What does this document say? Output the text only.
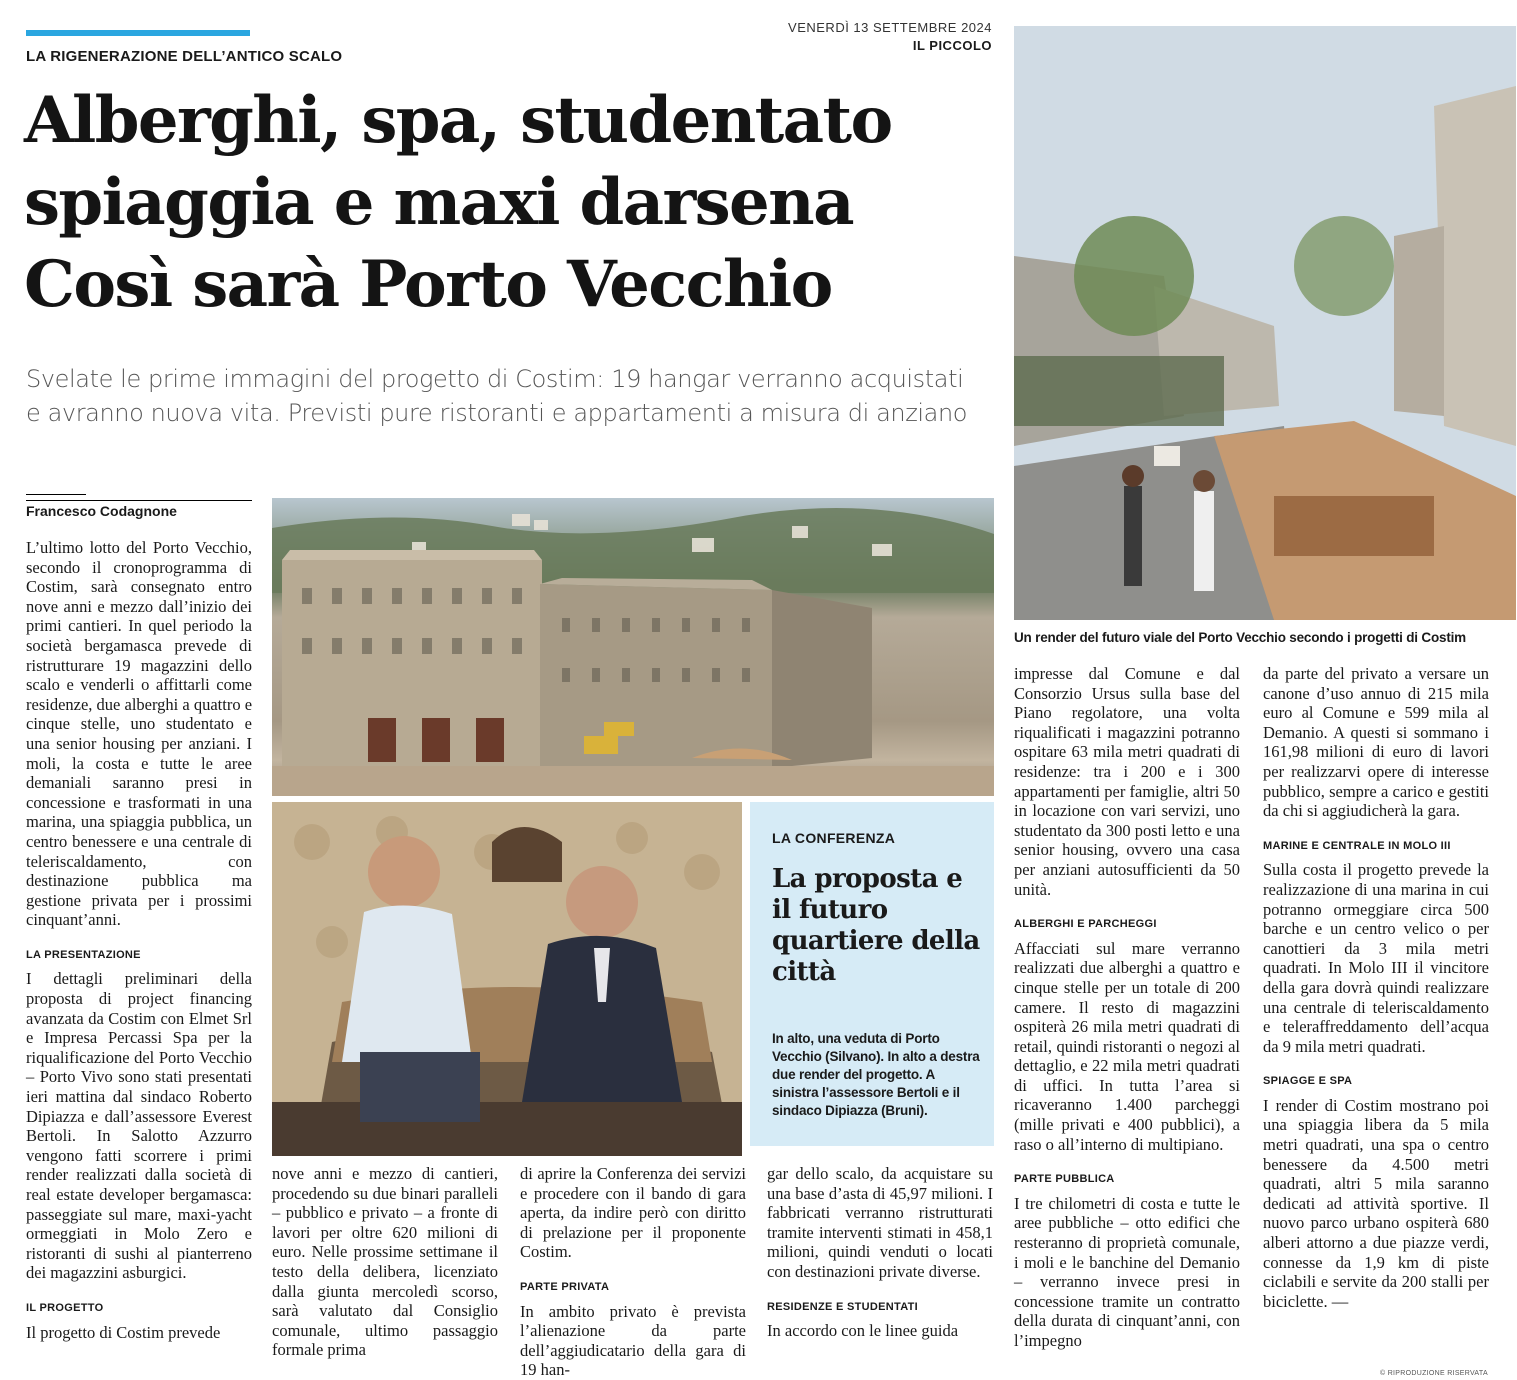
LA RIGENERAZIONE DELL’ANTICO SCALO
VENERDÌ 13 SETTEMBRE 2024
IL PICCOLO
Alberghi, spa, studentato
spiaggia e maxi darsena
Così sarà Porto Vecchio
Svelate le prime immagini del progetto di Costim: 19 hangar verranno acquistati
e avranno nuova vita. Previsti pure ristoranti e appartamenti a misura di anziano
Un render del futuro viale del Porto Vecchio secondo i progetti di Costim
Francesco Codagnone

L’ultimo lotto del Porto Vecchio, secondo il cronoprogramma di Costim, sarà consegnato entro nove anni e mezzo dall’inizio dei primi cantieri. In quel periodo la società bergamasca prevede di ristrutturare 19 magazzini dello scalo e venderli o affittarli come residenze, due alberghi a quattro e cinque stelle, uno studentato e una senior housing per anziani. I moli, la costa e tutte le aree demaniali saranno presi in concessione e trasformati in una marina, una spiaggia pubblica, un centro benessere e una centrale di teleriscaldamento, con destinazione pubblica ma gestione privata per i prossimi cinquant’anni.

LA PRESENTAZIONE

I dettagli preliminari della proposta di project financing avanzata da Costim con Elmet Srl e Impresa Percassi Spa per la riqualificazione del Porto Vecchio – Porto Vivo sono stati presentati ieri mattina dal sindaco Roberto Dipiazza e dall’assessore Everest Bertoli. In Salotto Azzurro vengono fatti scorrere i primi render realizzati dalla società di real estate developer bergamasca: passeggiate sul mare, maxi-yacht ormeggiati in Molo Zero e ristoranti di sushi al pianterreno dei magazzini asburgici.

IL PROGETTO

Il progetto di Costim prevede

LA CONFERENZA
La proposta e il futuro quartiere della città
In alto, una veduta di Porto Vecchio (Silvano). In alto a destra due render del progetto. A sinistra l’assessore Bertoli e il sindaco Dipiazza (Bruni).

nove anni e mezzo di cantieri, procedendo su due binari paralleli – pubblico e privato – a fronte di lavori per oltre 620 milioni di euro. Nelle prossime settimane il testo della delibera, licenziato dalla giunta mercoledì scorso, sarà valutato dal Consiglio comunale, ultimo passaggio formale prima

di aprire la Conferenza dei servizi e procedere con il bando di gara aperta, da indire però con diritto di prelazione per il proponente Costim.

PARTE PRIVATA

In ambito privato è prevista l’alienazione da parte dell’aggiudicatario della gara di 19 han-

gar dello scalo, da acquistare su una base d’asta di 45,97 milioni. I fabbricati verranno ristrutturati tramite interventi stimati in 458,1 milioni, quindi venduti o locati con destinazioni private diverse.

RESIDENZE E STUDENTATI

In accordo con le linee guida

impresse dal Comune e dal Consorzio Ursus sulla base del Piano regolatore, una volta riqualificati i magazzini potranno ospitare 63 mila metri quadrati di residenze: tra i 200 e i 300 appartamenti per famiglie, altri 50 in locazione con vari servizi, uno studentato da 300 posti letto e una senior housing, ovvero una casa per anziani autosufficienti da 50 unità.

ALBERGHI E PARCHEGGI

Affacciati sul mare verranno realizzati due alberghi a quattro e cinque stelle per un totale di 200 camere. Il resto di magazzini ospiterà 26 mila metri quadrati di retail, quindi ristoranti o negozi al dettaglio, e 22 mila metri quadrati di uffici. In tutta l’area si ricaveranno 1.400 parcheggi (mille privati e 400 pubblici), a raso o all’interno di multipiano.

PARTE PUBBLICA

I tre chilometri di costa e tutte le aree pubbliche – otto edifici che resteranno di proprietà comunale, i moli e le banchine del Demanio – verranno invece presi in concessione tramite un contratto della durata di cinquant’anni, con l’impegno

da parte del privato a versare un canone d’uso annuo di 215 mila euro al Comune e 599 mila al Demanio. A questi si sommano i 161,98 milioni di euro di lavori per realizzarvi opere di interesse pubblico, sempre a carico e gestiti da chi si aggiudicherà la gara.

MARINE E CENTRALE IN MOLO III

Sulla costa il progetto prevede la realizzazione di una marina in cui potranno ormeggiare circa 500 barche e un centro velico o per canottieri da 3 mila metri quadrati. In Molo III il vincitore della gara dovrà quindi realizzare una centrale di teleriscaldamento e teleraffreddamento dell’acqua da 9 mila metri quadrati.

SPIAGGE E SPA

I render di Costim mostrano poi una spiaggia libera da 5 mila metri quadrati, una spa o centro benessere da 4.500 metri quadrati, altri 5 mila saranno dedicati ad attività sportive. Il nuovo parco urbano ospiterà 680 alberi attorno a due piazze verdi, connesse da 1,9 km di piste ciclabili e servite da 200 stalli per biciclette. —

© RIPRODUZIONE RISERVATA
